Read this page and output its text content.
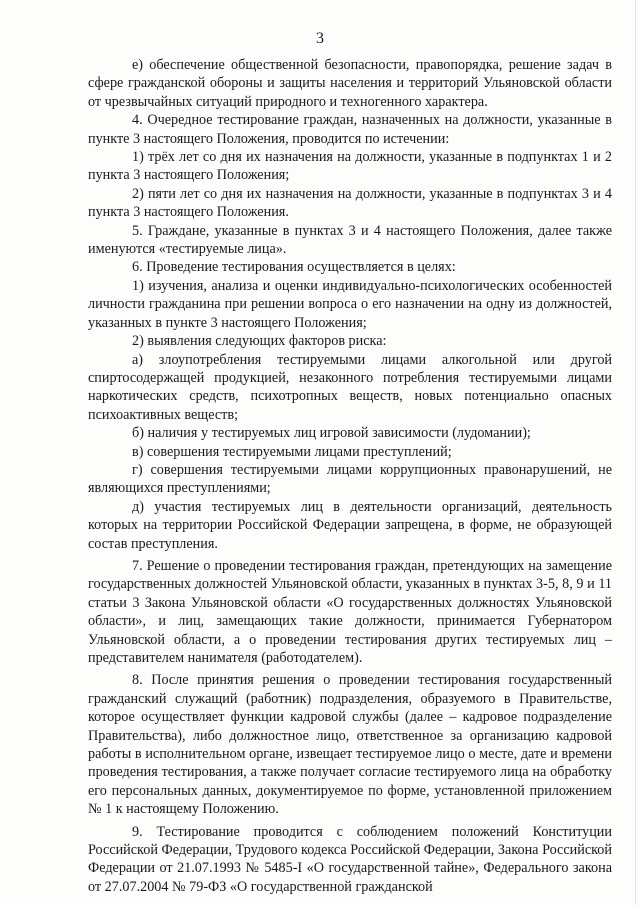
3

е) обеспечение общественной безопасности, правопорядка, решение задач в сфере гражданской обороны и защиты населения и территорий Ульяновской области от чрезвычайных ситуаций природного и техногенного характера.

4. Очередное тестирование граждан, назначенных на должности, указанные в пункте 3 настоящего Положения, проводится по истечении:

1) трёх лет со дня их назначения на должности, указанные в подпунктах 1 и 2 пункта 3 настоящего Положения;

2) пяти лет со дня их назначения на должности, указанные в подпунктах 3 и 4 пункта 3 настоящего Положения.

5. Граждане, указанные в пунктах 3 и 4 настоящего Положения, далее также именуются «тестируемые лица».

6. Проведение тестирования осуществляется в целях:

1) изучения, анализа и оценки индивидуально-психологических особенностей личности гражданина при решении вопроса о его назначении на одну из должностей, указанных в пункте 3 настоящего Положения;

2) выявления следующих факторов риска:

а) злоупотребления тестируемыми лицами алкогольной или другой спиртосодержащей продукцией, незаконного потребления тестируемыми лицами наркотических средств, психотропных веществ, новых потенциально опасных психоактивных веществ;

б) наличия у тестируемых лиц игровой зависимости (лудомании);

в) совершения тестируемыми лицами преступлений;

г) совершения тестируемыми лицами коррупционных правонарушений, не являющихся преступлениями;

д) участия тестируемых лиц в деятельности организаций, деятельность которых на территории Российской Федерации запрещена, в форме, не образующей состав преступления.

7. Решение о проведении тестирования граждан, претендующих на замещение государственных должностей Ульяновской области, указанных в пунктах 3-5, 8, 9 и 11 статьи 3 Закона Ульяновской области «О государственных должностях Ульяновской области», и лиц, замещающих такие должности, принимается Губернатором Ульяновской области, а о проведении тестирования других тестируемых лиц – представителем нанимателя (работодателем).

8. После принятия решения о проведении тестирования государственный гражданский служащий (работник) подразделения, образуемого в Правительстве, которое осуществляет функции кадровой службы (далее – кадровое подразделение Правительства), либо должностное лицо, ответственное за организацию кадровой работы в исполнительном органе, извещает тестируемое лицо о месте, дате и времени проведения тестирования, а также получает согласие тестируемого лица на обработку его персональных данных, документируемое по форме, установленной приложением № 1 к настоящему Положению.

9. Тестирование проводится с соблюдением положений Конституции Российской Федерации, Трудового кодекса Российской Федерации, Закона Российской Федерации от 21.07.1993 № 5485-I «О государственной тайне», Федерального закона от 27.07.2004 № 79-ФЗ «О государственной гражданской
